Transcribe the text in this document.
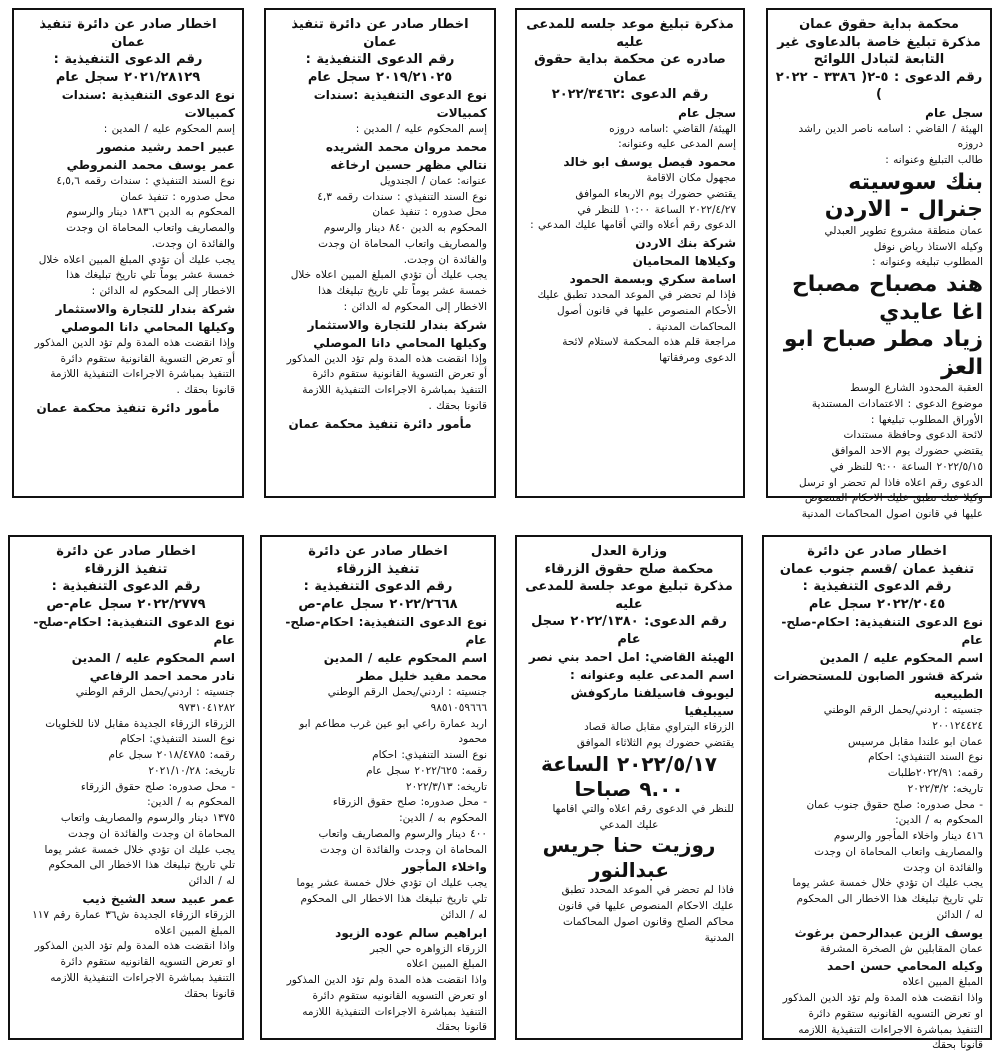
محكمة بداية حقوق عمان
مذكرة تبليغ خاصة بالدعاوى غير
التابعة لتبادل اللوائح
رقم الدعوى : ٥-٢( ٣٣٨٦ - ٢٠٢٢ )
سجل عام
الهيئة / القاضي : اسامه ناصر الدين راشد دروزه
طالب التبليغ وعنوانه :
بنك سوسيته جنرال - الاردن
عمان منطقة مشروع تطوير العبدلي
وكيله الاستاذ رياض نوفل
المطلوب تبليغه وعنوانه :
هند مصباح مصباح اغا عايدي
زياد مطر صباح ابو العز
العقبة المحدود الشارع الوسط
موضوع الدعوى : الاعتمادات المستندية
الأوراق المطلوب تبليغها :
لائحة الدعوى وحافظة مستندات
يقتضي حضورك يوم الاحد الموافق
٢٠٢٢/٥/١٥ الساعة ٩:٠٠ للنظر في
الدعوى رقم اعلاه فاذا لم تحضر او ترسل
وكيلا عنك تطبق عليك الاحكام المنصوص
عليها في قانون اصول المحاكمات المدنية
مذكرة تبليغ موعد جلسه للمدعى عليه
صادره عن محكمة بداية حقوق عمان
رقم الدعوى :٢٠٢٢/٣٤٦٢
سجل عام
الهيئة/ القاضي :اسامه دروزه
إسم المدعى عليه وعنوانه:
محمود فيصل يوسف ابو خالد
مجهول مكان الاقامة
يقتضي حضورك يوم الاربعاء الموافق
٢٠٢٢/٤/٢٧ الساعة ١٠:٠٠ للنظر في
الدعوى رقم أعلاه والتي أقامها عليك المدعي :
شركة بنك الاردن
وكيلاها المحاميان
اسامة سكري وبسمة الحمود
فإذا لم تحضر في الموعد المحدد تطبق عليك
الأحكام المنصوص عليها في قانون أصول
المحاكمات المدنية .
مراجعة قلم هذه المحكمة لاستلام لائحة
الدعوى ومرفقاتها
اخطار صادر عن دائرة تنفيذ عمان
رقم الدعوى التنفيذية :
٢٠١٩/٢١٠٢٥ سجل عام
نوع الدعوى التنفيذية :سندات كمبيالات
إسم المحكوم عليه / المدين :
محمد مروان محمد الشريده
نتالي مظهر حسين ارخاغه
عنوانه: عمان / الجندويل
نوع السند التنفيذي : سندات رقمه ٤,٣
محل صدوره : تنفيذ عمان
المحكوم به الدين ٨٤٠ دينار والرسوم
والمصاريف واتعاب المحاماة ان وجدت
والفائدة ان وجدت.
يجب عليك أن تؤدي المبلغ المبين اعلاه خلال
خمسة عشر يوماً تلي تاريخ تبليغك هذا
الاخطار إلى المحكوم له الدائن :
شركة بندار للتجارة والاستثمار
وكيلها المحامي دانا الموصلي
وإذا انقضت هذه المدة ولم تؤد الدين المذكور
أو تعرض التسوية القانونية ستقوم دائرة
التنفيذ بمباشرة الاجراءات التنفيذية اللازمة
قانونا بحقك .
مأمور دائرة تنفيذ محكمة عمان
اخطار صادر عن دائرة تنفيذ عمان
رقم الدعوى التنفيذية :
٢٠٢١/٢٨١٢٩ سجل عام
نوع الدعوى التنفيذية :سندات كمبيالات
إسم المحكوم عليه / المدين :
عبير احمد رشيد منصور
عمر يوسف محمد النمروطي
نوع السند التنفيذي : سندات رقمه ٤,٥,٦
محل صدوره : تنفيذ عمان
المحكوم به الدين ١٨٣٦ دينار والرسوم
والمصاريف واتعاب المحاماة ان وجدت
والفائدة ان وجدت.
يجب عليك أن تؤدي المبلغ المبين اعلاه خلال
خمسة عشر يوماً تلي تاريخ تبليغك هذا
الاخطار إلى المحكوم له الدائن :
شركة بندار للتجارة والاستثمار
وكيلها المحامي دانا الموصلي
وإذا انقضت هذه المدة ولم تؤد الدين المذكور
أو تعرض التسوية القانونية ستقوم دائرة
التنفيذ بمباشرة الاجراءات التنفيذية اللازمة
قانونا بحقك .
مأمور دائرة تنفيذ محكمة عمان
اخطار صادر عن دائرة
تنفيذ عمان /قسم جنوب عمان
رقم الدعوى التنفيذية :
٢٠٢٢/٢٠٤٥ سجل عام
نوع الدعوى التنفيذية: احكام-صلح-عام
اسم المحكوم عليه / المدين
شركة قشور الصابون للمستحضرات الطبيعيه
جنسيته : اردني/يحمل الرقم الوطني ٢٠٠١٢٤٤٢٤
عمان ابو علندا مقابل مرسيس
نوع السند التنفيذي: احكام
رقمه: ٢٠٢٢/٩١طلبات
تاريخه: ٢٠٢٢/٣/٢
- محل صدوره: صلح حقوق جنوب عمان
المحكوم به / الدين:
٤١٦ دينار واخلاء المأجور والرسوم
والمصاريف واتعاب المحاماة ان وجدت
والفائدة ان وجدت
يجب عليك ان تؤدي خلال خمسة عشر يوما
تلي تاريخ تبليغك هذا الاخطار الى المحكوم
له / الدائن
يوسف الزين عبدالرحمن برغوث
عمان المقابلين ش الصخرة المشرفة
وكيله المحامي حسن احمد
المبلغ المبين اعلاه
واذا انقضت هذه المدة ولم تؤد الدين المذكور
او تعرض التسويه القانونيه ستقوم دائرة
التنفيذ بمباشرة الاجراءات التنفيذية اللازمه
قانونا بحقك
وزارة العدل
محكمة صلح حقوق الزرقاء
مذكرة تبليغ موعد جلسة للمدعى عليه
رقم الدعوى: ٢٠٢٢/١٣٨٠ سجل عام
الهيئة القاضي: امل احمد بني نصر
اسم المدعى عليه وعنوانه :
ليوبوف فاسيلفنا ماركوفش سيبليفيا
الزرقاء البتراوي مقابل صالة قصاد
يقتضي حضورك يوم الثلاثاء الموافق
٢٠٢٢/٥/١٧ الساعة ٩.٠٠ صباحا
للنظر في الدعوى رقم اعلاه والتي اقامها
عليك المدعي
روزيت حنا جريس عبدالنور
فاذا لم تحضر في الموعد المحدد تطبق
عليك الاحكام المنصوص عليها في قانون
محاكم الصلح وقانون اصول المحاكمات
المدنية
اخطار صادر عن دائرة
تنفيذ الزرقاء
رقم الدعوى التنفيذية :
٢٠٢٢/٢٦٦٨ سجل عام-ص
نوع الدعوى التنفيذية: احكام-صلح-عام
اسم المحكوم عليه / المدين
محمد مفيد خليل مطر
جنسيته : اردني/يحمل الرقم الوطني ٩٨٥١٠٥٩٦٦٦
اربد عمارة راعي ابو عين غرب مطاعم ابو محمود
نوع السند التنفيذي: احكام
رقمه: ٢٠٢٢/٦٢٥ سجل عام
تاريخه: ٢٠٢٢/٣/١٣
- محل صدوره: صلح حقوق الزرقاء
المحكوم به / الدين:
٤٠٠ دينار والرسوم والمصاريف واتعاب
المحاماة ان وجدت والفائدة ان وجدت
واخلاء المأجور
يجب عليك ان تؤدي خلال خمسة عشر يوما
تلي تاريخ تبليغك هذا الاخطار الى المحكوم
له / الدائن
ابراهيم سالم عوده الزيود
الزرقاء الزواهره حي الجبر
المبلغ المبين اعلاه
واذا انقضت هذه المدة ولم تؤد الدين المذكور
او تعرض التسويه القانونيه ستقوم دائرة
التنفيذ بمباشرة الاجراءات التنفيذية اللازمه
قانونا بحقك
اخطار صادر عن دائرة
تنفيذ الزرقاء
رقم الدعوى التنفيذية :
٢٠٢٢/٢٧٧٩ سجل عام-ص
نوع الدعوى التنفيذية: احكام-صلح-عام
اسم المحكوم عليه / المدين
نادر محمد احمد الرفاعي
جنسيته : اردني/يحمل الرقم الوطني ٩٧٣١٠٤١٢٨٢
الزرقاء الزرقاء الجديدة مقابل لانا للخلويات
نوع السند التنفيذي: احكام
رقمه: ٢٠١٨/٤٧٨٥ سجل عام
تاريخه: ٢٠٢١/١٠/٢٨
- محل صدوره: صلح حقوق الزرقاء
المحكوم به / الدين:
١٣٧٥ دينار والرسوم والمصاريف واتعاب
المحاماة ان وجدت والفائدة ان وجدت
يجب عليك ان تؤدي خلال خمسة عشر يوما
تلي تاريخ تبليغك هذا الاخطار الى المحكوم
له / الدائن
عمر عبيد سعد الشيخ ذيب
الزرقاء الزرقاء الجديدة ش٣٦ عمارة رقم ١١٧
المبلغ المبين اعلاه
واذا انقضت هذه المدة ولم تؤد الدين المذكور
او تعرض التسويه القانونيه ستقوم دائرة
التنفيذ بمباشرة الاجراءات التنفيذية اللازمه
قانونا بحقك
